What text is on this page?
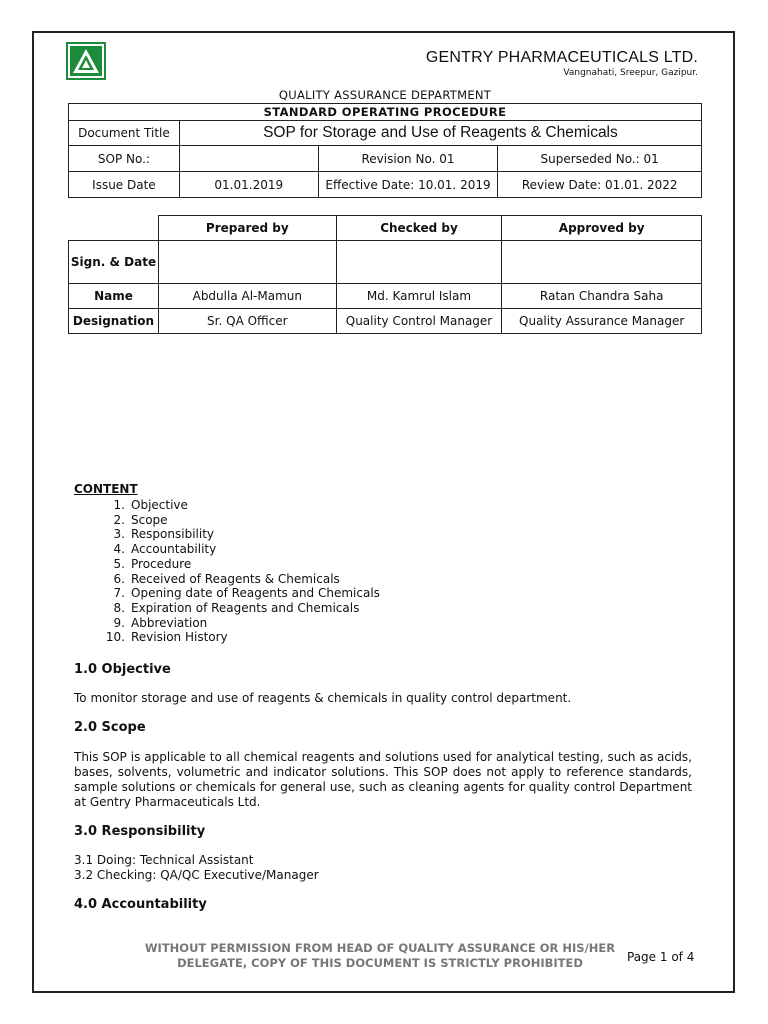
GENTRY PHARMACEUTICALS LTD.
Vangnahati, Sreepur, Gazipur.
QUALITY ASSURANCE DEPARTMENT
STANDARD OPERATING PROCEDURE			
Document Title	SOP for Storage and Use of Reagents & Chemicals		
SOP No.:		Revision No. 01	Superseded No.: 01
Issue Date	01.01.2019	Effective Date: 10.01. 2019	Review Date: 01.01. 2022
	Prepared by	Checked by	Approved by
Sign. & Date			
Name	Abdulla Al-Mamun	Md. Kamrul Islam	Ratan Chandra Saha
Designation	Sr. QA Officer	Quality Control Manager	Quality Assurance Manager
CONTENT
1. Objective
2. Scope
3. Responsibility
4. Accountability
5. Procedure
6. Received of Reagents & Chemicals
7. Opening date of Reagents and Chemicals
8. Expiration of Reagents and Chemicals
9. Abbreviation
10. Revision History
1.0 Objective
To monitor storage and use of reagents & chemicals in quality control department.
2.0 Scope
This SOP is applicable to all chemical reagents and solutions used for analytical testing, such as acids, bases, solvents, volumetric and indicator solutions. This SOP does not apply to reference standards, sample solutions or chemicals for general use, such as cleaning agents for quality control Department at Gentry Pharmaceuticals Ltd.
3.0 Responsibility
3.1 Doing: Technical Assistant
3.2 Checking: QA/QC Executive/Manager
4.0 Accountability
WITHOUT PERMISSION FROM HEAD OF QUALITY ASSURANCE OR HIS/HER
DELEGATE, COPY OF THIS DOCUMENT IS STRICTLY PROHIBITED	Page 1 of 4
